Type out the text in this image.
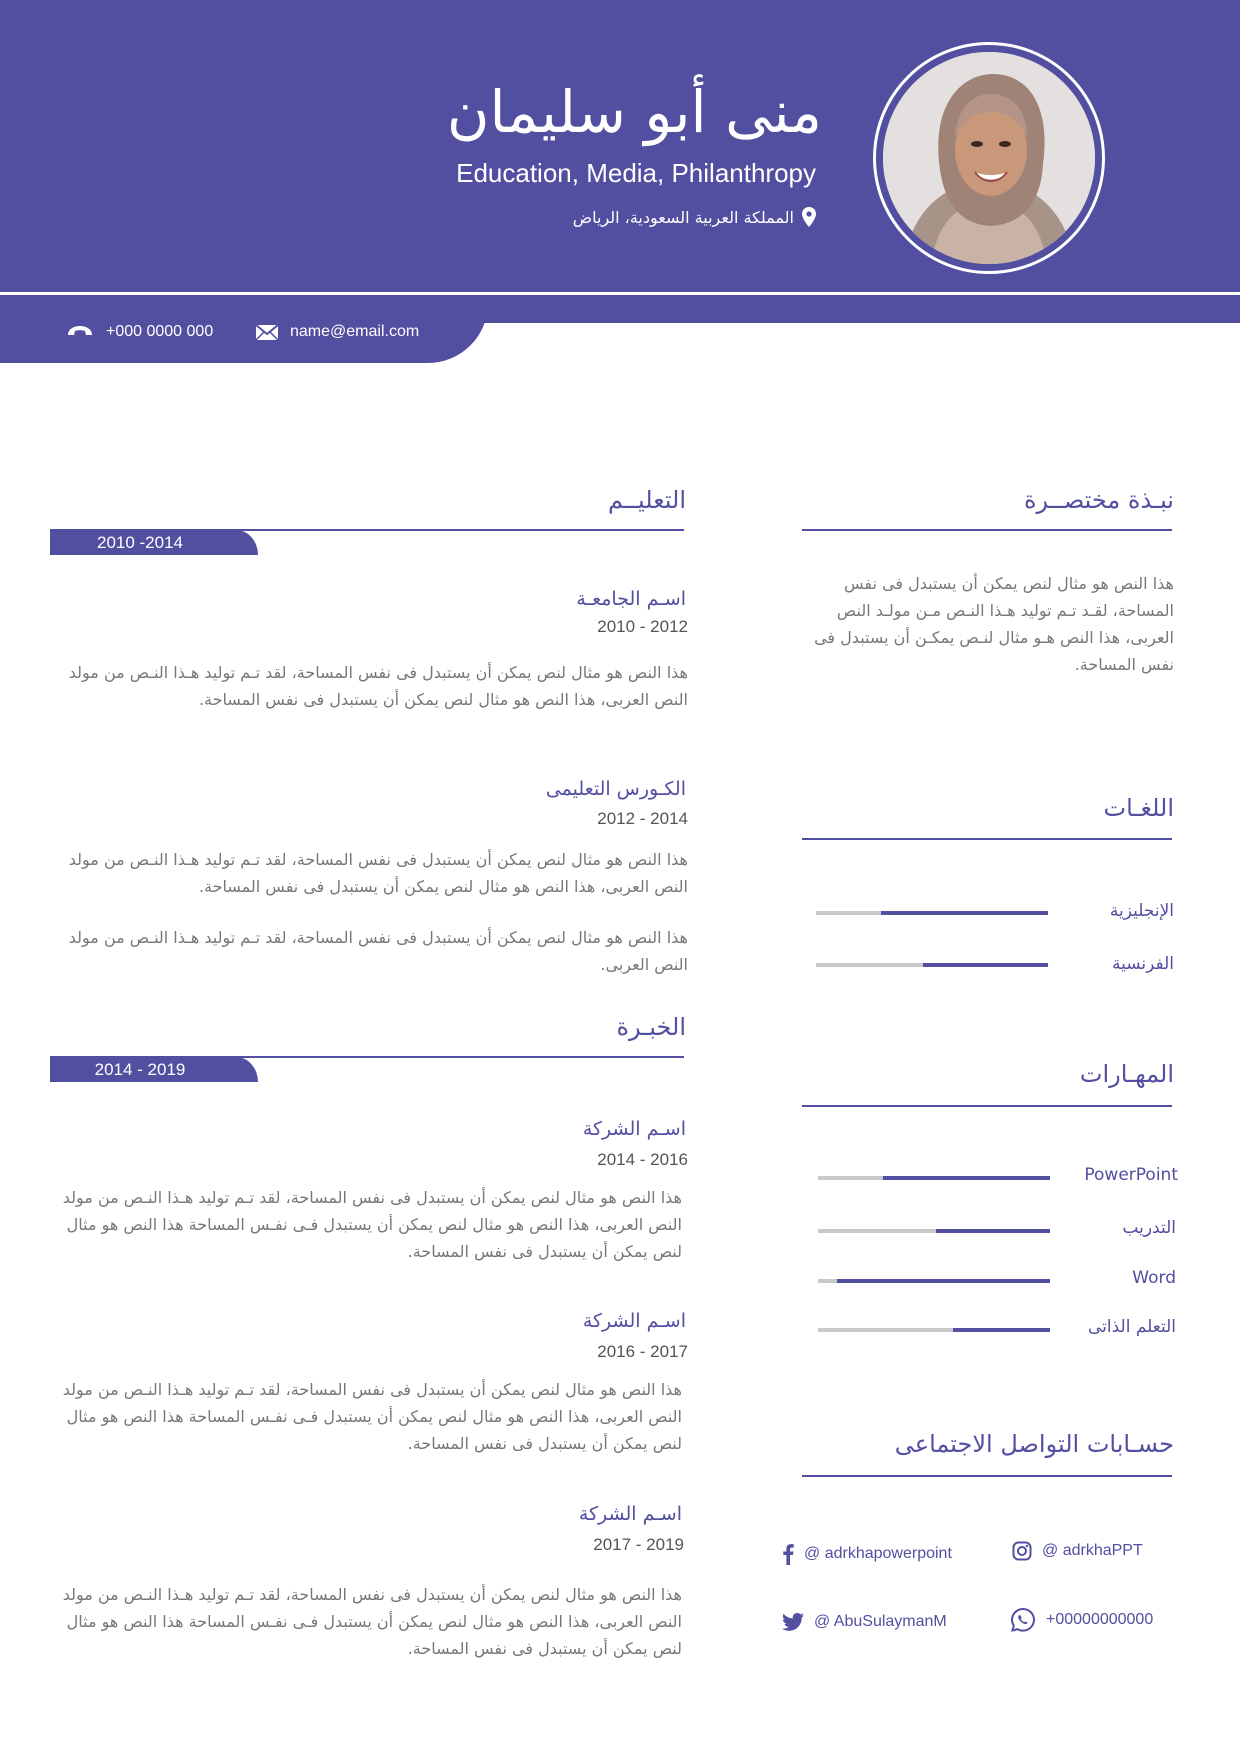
منى أبو سليمان
Education, Media, Philanthropy
المملكة العربية السعودية، الرياض
+000 0000 000	name@email.com
نبـذة مختصــرة
هذا النص هو مثال لنص يمكن أن يستبدل فى نفس المساحة، لقـد تـم توليد هـذا النـص مـن مولـد النص العربى، هذا النص هـو مثال لنـص يمكـن أن يستبدل فى نفس المساحة.
اللغـات
الإنجليزية
الفرنسية
المهـارات
PowerPoint
التدريب
Word
التعلم الذاتى
حسـابات التواصل الاجتماعى
@ adrkhapowerpoint	@ adrkhaPPT
@ AbuSulaymanM	+00000000000
التعليــم
2010 -2014
اسـم الجامعـة
2010 - 2012
هذا النص هو مثال لنص يمكن أن يستبدل فى نفس المساحة، لقد تـم توليد هـذا النـص من مولد النص العربى، هذا النص هو مثال لنص يمكن أن يستبدل فى نفس المساحة.
الكـورس التعليمى
2012 - 2014
هذا النص هو مثال لنص يمكن أن يستبدل فى نفس المساحة، لقد تـم توليد هـذا النـص من مولد النص العربى، هذا النص هو مثال لنص يمكن أن يستبدل فى نفس المساحة.
هذا النص هو مثال لنص يمكن أن يستبدل فى نفس المساحة، لقد تـم توليد هـذا النـص من مولد النص العربى.
الخبـرة
2014 - 2019
اسـم الشركة
2014 - 2016
هذا النص هو مثال لنص يمكن أن يستبدل فى نفس المساحة، لقد تـم توليد هـذا النـص من مولد النص العربى، هذا النص هو مثال لنص يمكن أن يستبدل فـى نفـس المساحة هذا النص هو مثال لنص يمكن أن يستبدل فى نفس المساحة.
اسـم الشركة
2016 - 2017
هذا النص هو مثال لنص يمكن أن يستبدل فى نفس المساحة، لقد تـم توليد هـذا النـص من مولد النص العربى، هذا النص هو مثال لنص يمكن أن يستبدل فـى نفـس المساحة هذا النص هو مثال لنص يمكن أن يستبدل فى نفس المساحة.
اسـم الشركة
2017 - 2019
هذا النص هو مثال لنص يمكن أن يستبدل فى نفس المساحة، لقد تـم توليد هـذا النـص من مولد النص العربى، هذا النص هو مثال لنص يمكن أن يستبدل فـى نفـس المساحة هذا النص هو مثال لنص يمكن أن يستبدل فى نفس المساحة.
